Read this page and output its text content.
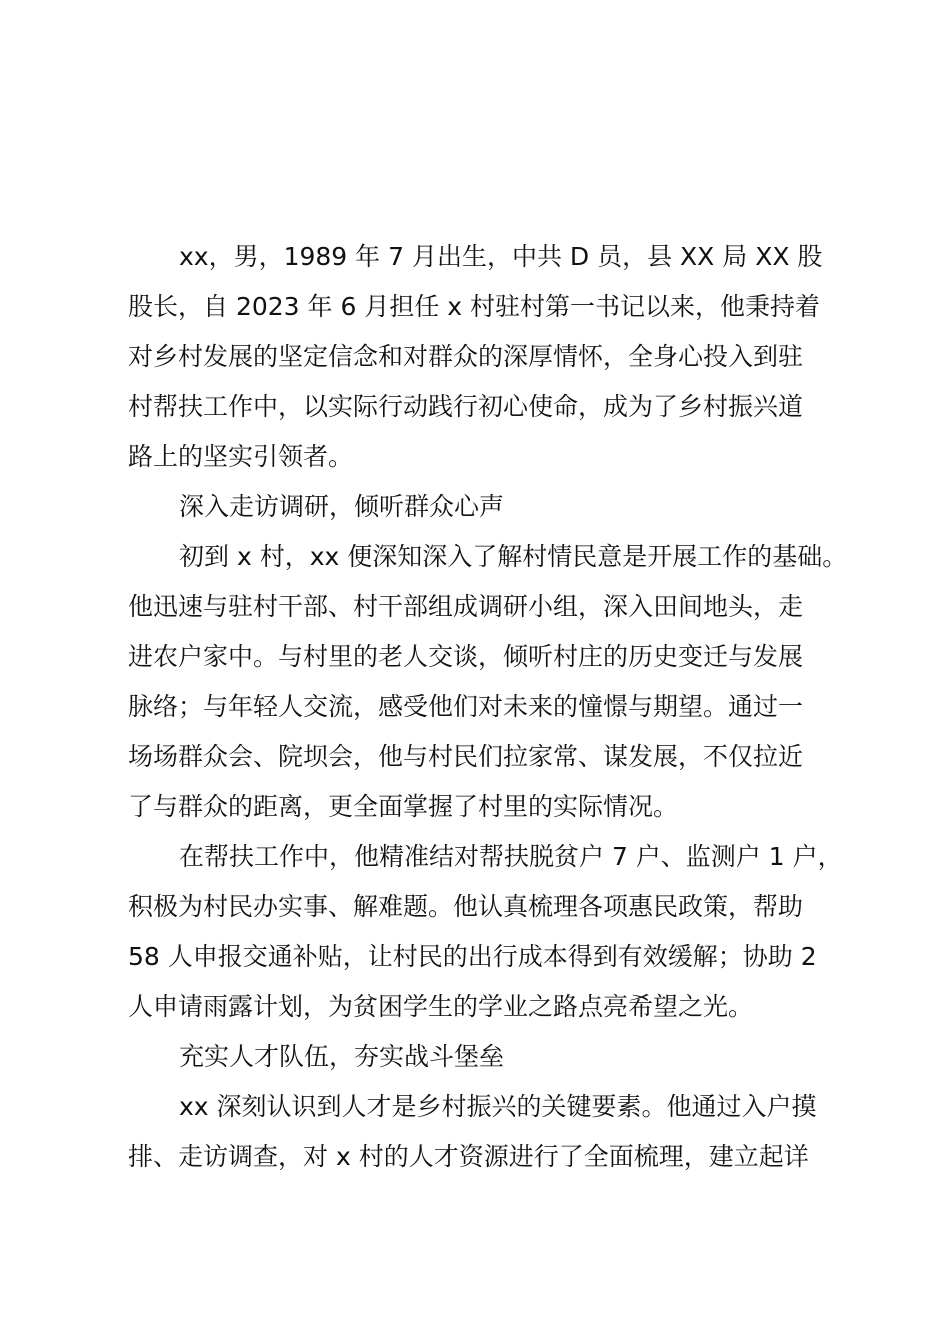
xx，男，1989 年 7 月出生，中共 D 员，县 XX 局 XX 股
股长，自 2023 年 6 月担任 x 村驻村第一书记以来，他秉持着
对乡村发展的坚定信念和对群众的深厚情怀，全身心投入到驻
村帮扶工作中，以实际行动践行初心使命，成为了乡村振兴道
路上的坚实引领者。
深入走访调研，倾听群众心声
初到 x 村，xx 便深知深入了解村情民意是开展工作的基础。
他迅速与驻村干部、村干部组成调研小组，深入田间地头，走
进农户家中。与村里的老人交谈，倾听村庄的历史变迁与发展
脉络；与年轻人交流，感受他们对未来的憧憬与期望。通过一
场场群众会、院坝会，他与村民们拉家常、谋发展，不仅拉近
了与群众的距离，更全面掌握了村里的实际情况。
在帮扶工作中，他精准结对帮扶脱贫户 7 户、监测户 1 户，
积极为村民办实事、解难题。他认真梳理各项惠民政策，帮助
58 人申报交通补贴，让村民的出行成本得到有效缓解；协助 2
人申请雨露计划，为贫困学生的学业之路点亮希望之光。
充实人才队伍，夯实战斗堡垒
xx 深刻认识到人才是乡村振兴的关键要素。他通过入户摸
排、走访调查，对 x 村的人才资源进行了全面梳理，建立起详
